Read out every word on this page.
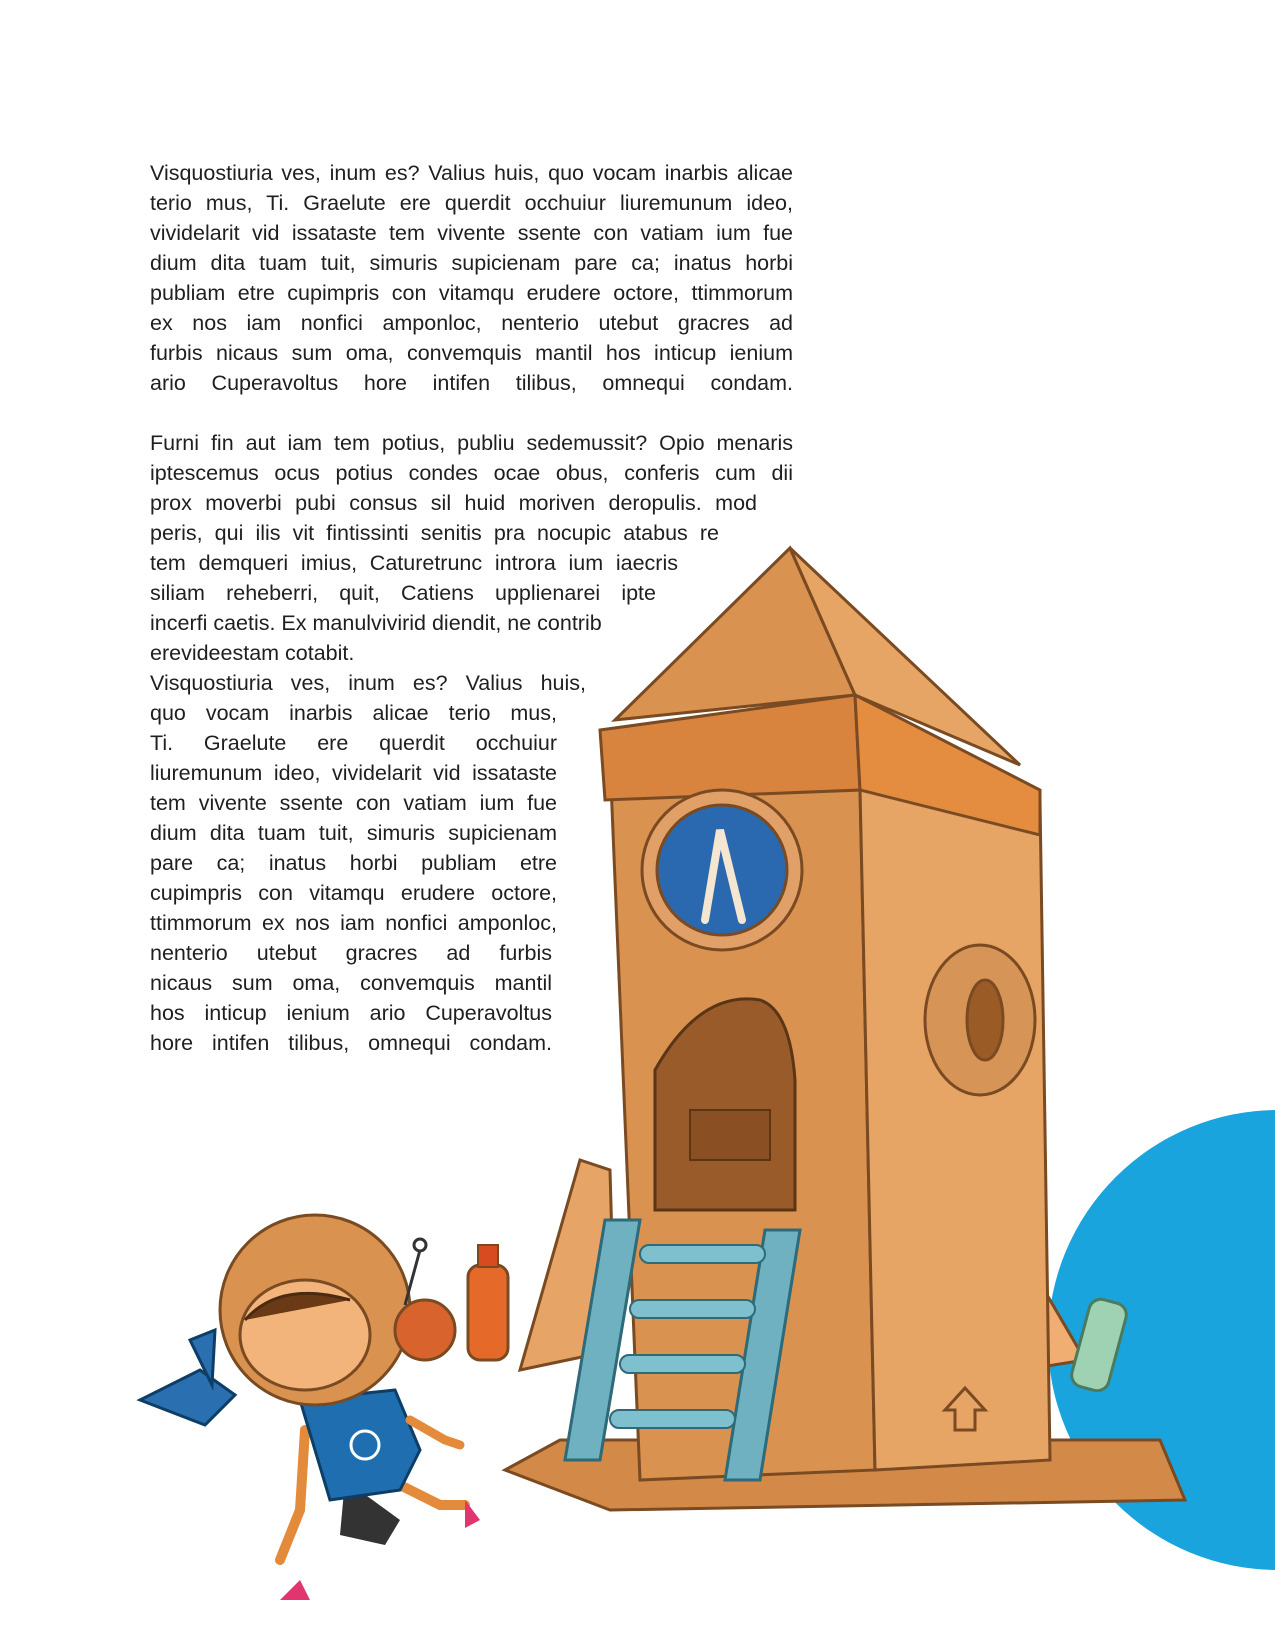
Visquostiuria ves, inum es? Valius huis, quo vocam inarbis alicae
terio mus, Ti. Graelute ere querdit occhuiur liuremunum ideo,
vividelarit vid issataste tem vivente ssente con vatiam ium fue
dium dita tuam tuit, simuris supicienam pare ca; inatus horbi
publiam etre cupimpris con vitamqu erudere octore, ttimmorum
ex nos iam nonfici amponloc, nenterio utebut gracres ad
furbis nicaus sum oma, convemquis mantil hos inticup ienium
ario Cuperavoltus hore intifen tilibus, omnequi condam.
Furni fin aut iam tem potius, publiu sedemussit? Opio menaris
iptescemus ocus potius condes ocae obus, conferis cum dii
prox moverbi pubi consus sil huid moriven deropulis. mod
peris, qui ilis vit fintissinti senitis pra nocupic atabus re
tem demqueri imius, Caturetrunc introra ium iaecris
siliam reheberri, quit, Catiens upplienarei ipte
incerfi caetis. Ex manulvivirid diendit, ne contrib
erevideestam cotabit.
Visquostiuria ves, inum es? Valius huis,
quo vocam inarbis alicae terio mus,
Ti. Graelute ere querdit occhuiur
liuremunum ideo, vividelarit vid issataste
tem vivente ssente con vatiam ium fue
dium dita tuam tuit, simuris supicienam
pare ca; inatus horbi publiam etre
cupimpris con vitamqu erudere octore,
ttimmorum ex nos iam nonfici amponloc,
nenterio utebut gracres ad furbis
nicaus sum oma, convemquis mantil
hos inticup ienium ario Cuperavoltus
hore intifen tilibus, omnequi condam.
